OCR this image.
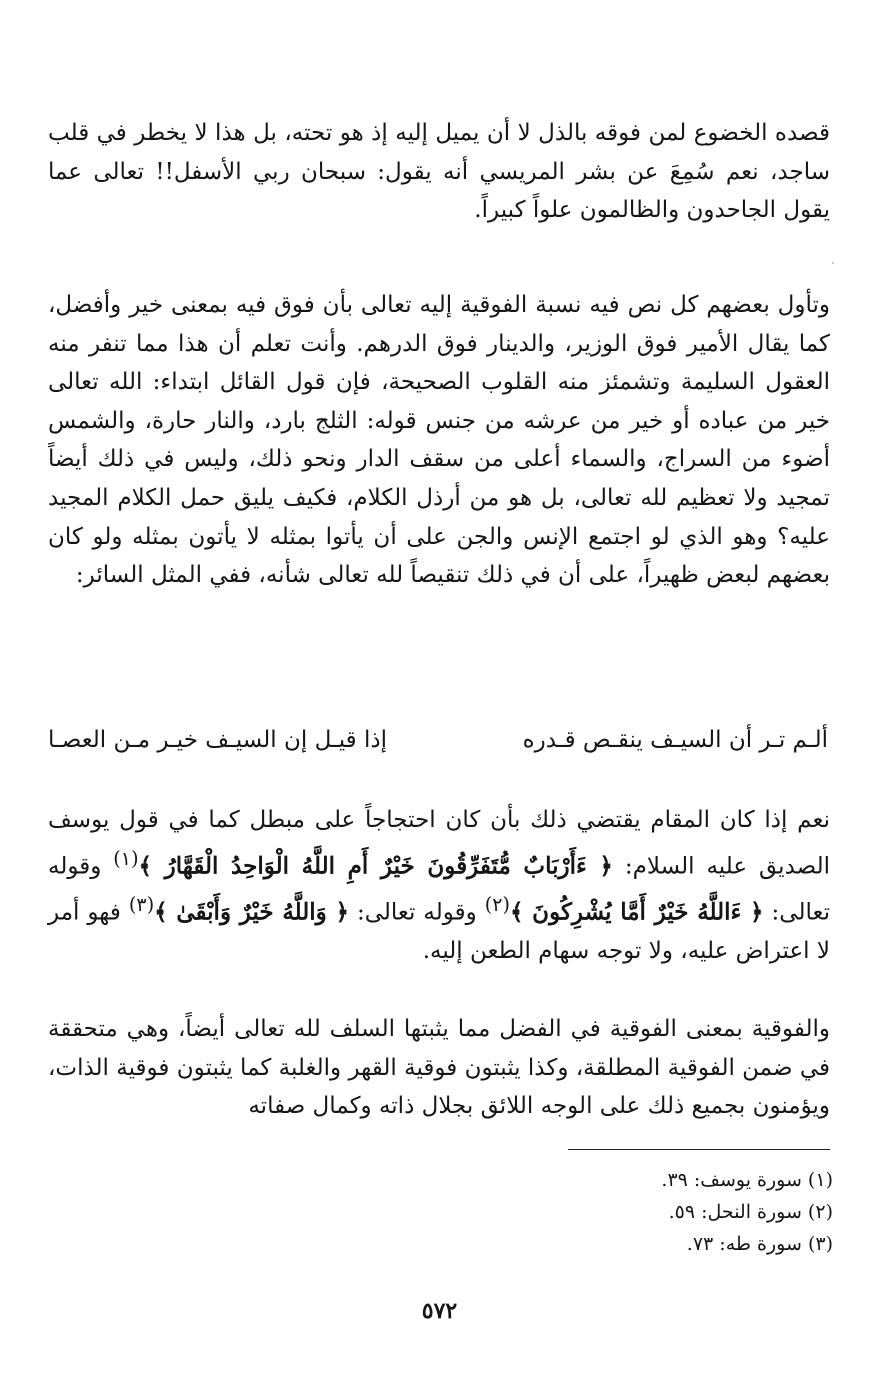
قصده الخضوع لمن فوقه بالذل لا أن يميل إليه إذ هو تحته، بل هذا لا يخطر في قلب ساجد، نعم سُمِعَ عن بشر المريسي أنه يقول: سبحان ربي الأسفل!! تعالى عما يقول الجاحدون والظالمون علواً كبيراً.
وتأول بعضهم كل نص فيه نسبة الفوقية إليه تعالى بأن فوق فيه بمعنى خير وأفضل، كما يقال الأمير فوق الوزير، والدينار فوق الدرهم. وأنت تعلم أن هذا مما تنفر منه العقول السليمة وتشمئز منه القلوب الصحيحة، فإن قول القائل ابتداء: الله تعالى خير من عباده أو خير من عرشه من جنس قوله: الثلج بارد، والنار حارة، والشمس أضوء من السراج، والسماء أعلى من سقف الدار ونحو ذلك، وليس في ذلك أيضاً تمجيد ولا تعظيم لله تعالى، بل هو من أرذل الكلام، فكيف يليق حمل الكلام المجيد عليه؟ وهو الذي لو اجتمع الإنس والجن على أن يأتوا بمثله لا يأتون بمثله ولو كان بعضهم لبعض ظهيراً، على أن في ذلك تنقيصاً لله تعالى شأنه، ففي المثل السائر:
ألـم تـر أن السيـف ينقـص قـدره
إذا قيـل إن السيـف خيـر مـن العصـا
نعم إذا كان المقام يقتضي ذلك بأن كان احتجاجاً على مبطل كما في قول يوسف الصديق عليه السلام: ﴿ ءَأَرْبَابٌ مُّتَفَرِّقُونَ خَيْرٌ أَمِ اللَّهُ الْوَاحِدُ الْقَهَّارُ ﴾$^{(١)}$ وقوله تعالى: ﴿ ءَاللَّهُ خَيْرٌ أَمَّا يُشْرِكُونَ ﴾$^{(٢)}$ وقوله تعالى: ﴿ وَاللَّهُ خَيْرٌ وَأَبْقَىٰ ﴾$^{(٣)}$ فهو أمر لا اعتراض عليه، ولا توجه سهام الطعن إليه.
والفوقية بمعنى الفوقية في الفضل مما يثبتها السلف لله تعالى أيضاً، وهي متحققة في ضمن الفوقية المطلقة، وكذا يثبتون فوقية القهر والغلبة كما يثبتون فوقية الذات، ويؤمنون بجميع ذلك على الوجه اللائق بجلال ذاته وكمال صفاته
(١) سورة يوسف: ٣٩.
(٢) سورة النحل: ٥٩.
(٣) سورة طه: ٧٣.
٥٧٢
